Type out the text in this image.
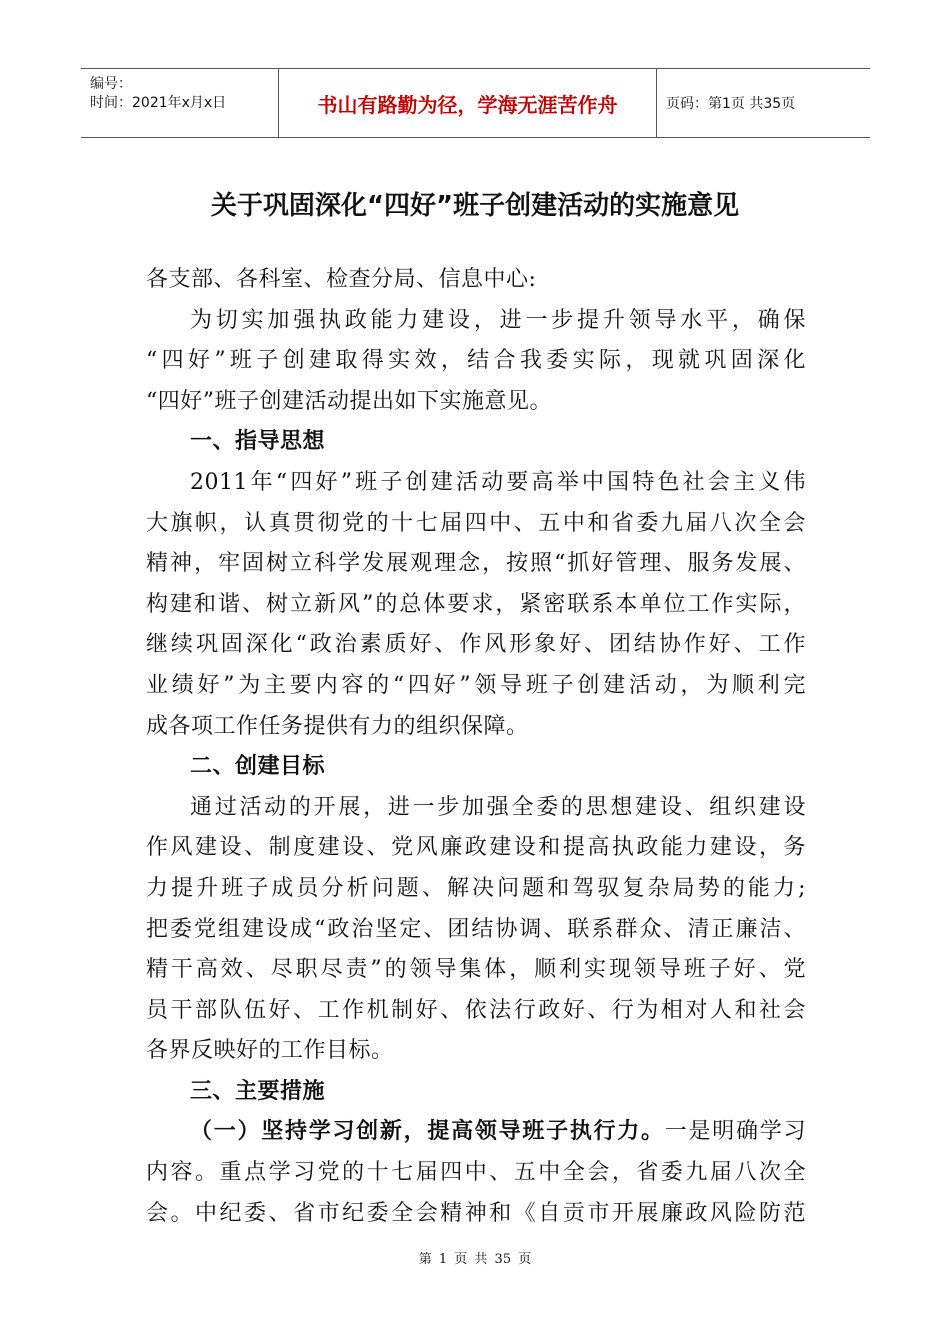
编号：
时间：2021年x月x日	书山有路勤为径，学海无涯苦作舟	页码：第1页 共35页
关于巩固深化“四好”班子创建活动的实施意见
各支部、各科室、检查分局、信息中心:
为切实加强执政能力建设，进一步提升领导水平，确保
“四好”班子创建取得实效，结合我委实际，现就巩固深化
“四好”班子创建活动提出如下实施意见。
一、指导思想
2011年“四好”班子创建活动要高举中国特色社会主义伟
大旗帜，认真贯彻党的十七届四中、五中和省委九届八次全会
精神，牢固树立科学发展观理念，按照“抓好管理、服务发展、
构建和谐、树立新风”的总体要求，紧密联系本单位工作实际，
继续巩固深化“政治素质好、作风形象好、团结协作好、工作
业绩好”为主要内容的“四好”领导班子创建活动，为顺利完
成各项工作任务提供有力的组织保障。
二、创建目标
通过活动的开展，进一步加强全委的思想建设、组织建设
作风建设、制度建设、党风廉政建设和提高执政能力建设，务
力提升班子成员分析问题、解决问题和驾驭复杂局势的能力;
把委党组建设成“政治坚定、团结协调、联系群众、清正廉洁、
精干高效、尽职尽责”的领导集体，顺利实现领导班子好、党
员干部队伍好、工作机制好、依法行政好、行为相对人和社会
各界反映好的工作目标。
三、主要措施
（一）坚持学习创新，提高领导班子执行力。一是明确学习
内容。重点学习党的十七届四中、五中全会，省委九届八次全
会。中纪委、省市纪委全会精神和《自贡市开展廉政风险防范
第 1 页 共 35 页
